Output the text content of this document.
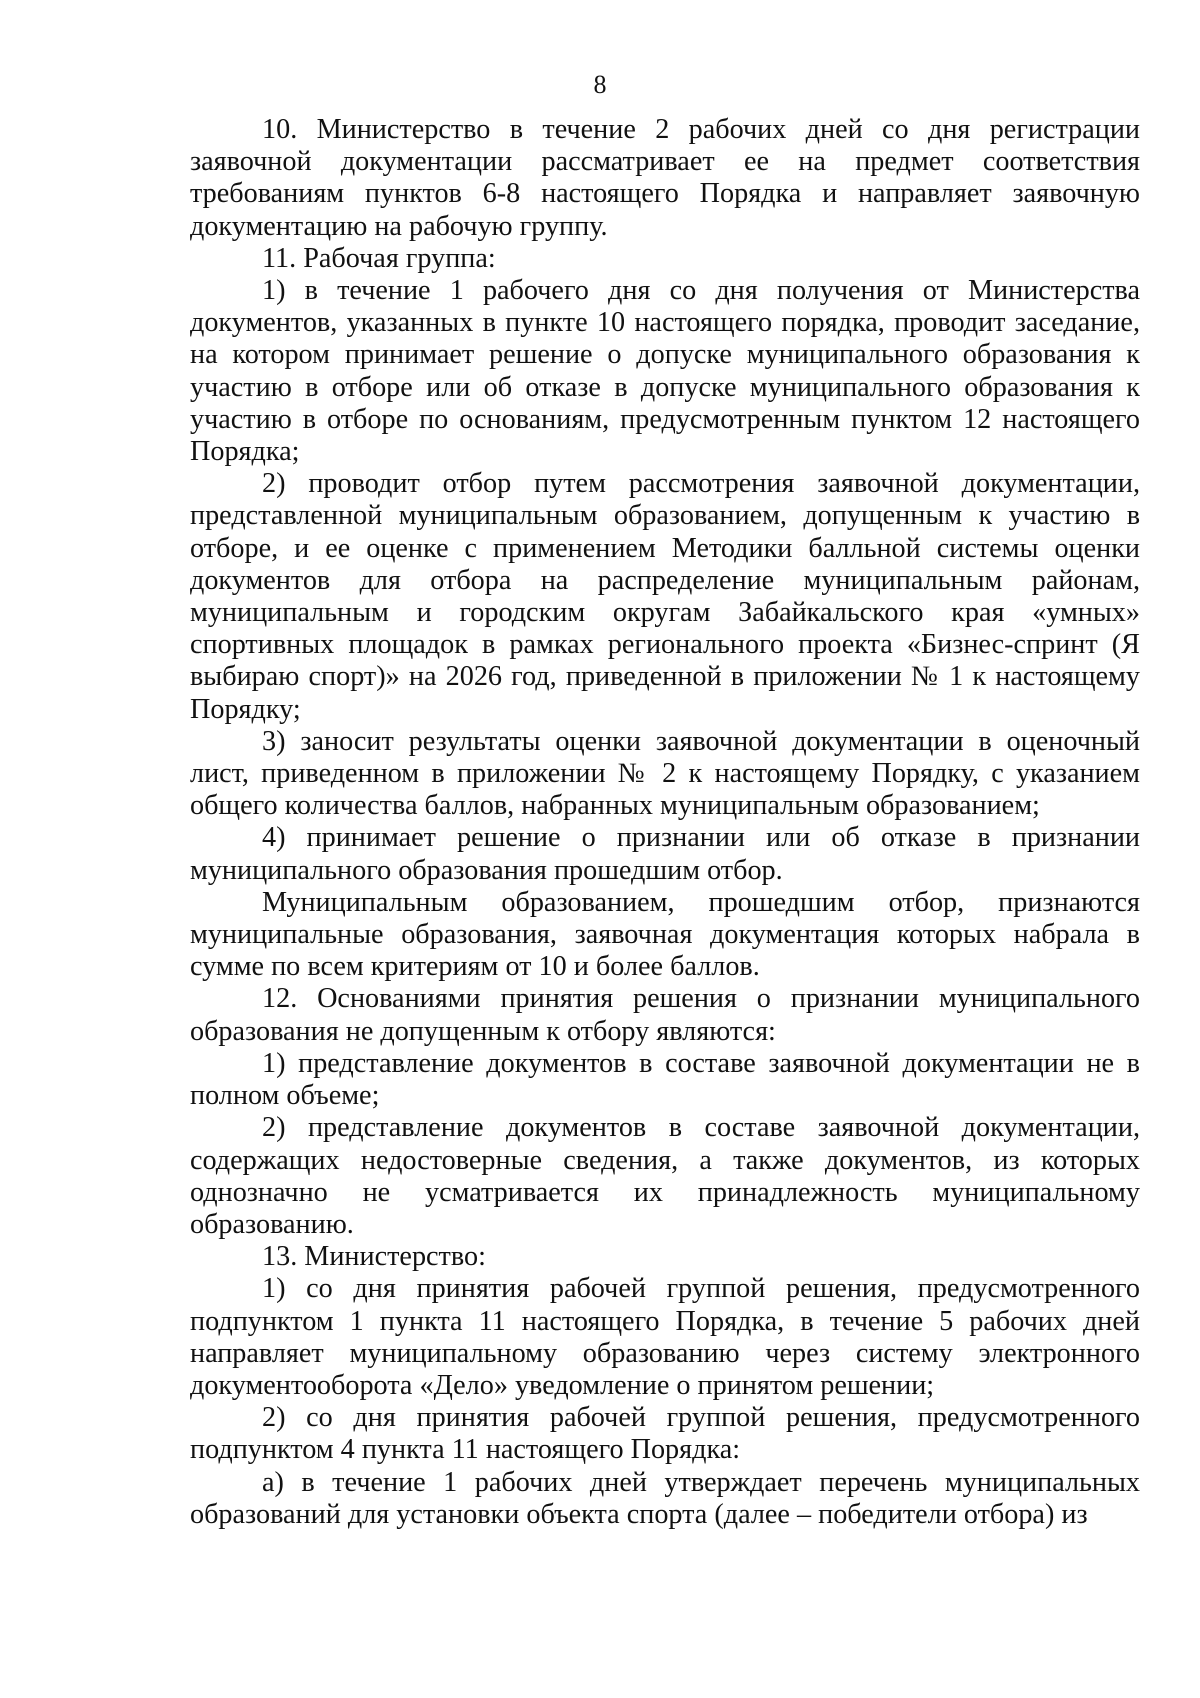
8

10. Министерство в течение 2 рабочих дней со дня регистрации заявочной документации рассматривает ее на предмет соответствия требованиям пунктов 6-8 настоящего Порядка и направляет заявочную документацию на рабочую группу.

11. Рабочая группа:

1) в течение 1 рабочего дня со дня получения от Министерства документов, указанных в пункте 10 настоящего порядка, проводит заседание, на котором принимает решение о допуске муниципального образования к участию в отборе или об отказе в допуске муниципального образования к участию в отборе по основаниям, предусмотренным пунктом 12 настоящего Порядка;

2) проводит отбор путем рассмотрения заявочной документации, представленной муниципальным образованием, допущенным к участию в отборе, и ее оценке с применением Методики балльной системы оценки документов для отбора на распределение муниципальным районам, муниципальным и городским округам Забайкальского края «умных» спортивных площадок в рамках регионального проекта «Бизнес-спринт (Я выбираю спорт)» на 2026 год, приведенной в приложении № 1 к настоящему Порядку;

3) заносит результаты оценки заявочной документации в оценочный лист, приведенном в приложении № 2 к настоящему Порядку, с указанием общего количества баллов, набранных муниципальным образованием;

4) принимает решение о признании или об отказе в признании муниципального образования прошедшим отбор.

Муниципальным образованием, прошедшим отбор, признаются муниципальные образования, заявочная документация которых набрала в сумме по всем критериям от 10 и более баллов.

12. Основаниями принятия решения о признании муниципального образования не допущенным к отбору являются:

1) представление документов в составе заявочной документации не в полном объеме;

2) представление документов в составе заявочной документации, содержащих недостоверные сведения, а также документов, из которых однозначно не усматривается их принадлежность муниципальному образованию.

13. Министерство:

1) со дня принятия рабочей группой решения, предусмотренного подпунктом 1 пункта 11 настоящего Порядка, в течение 5 рабочих дней направляет муниципальному образованию через систему электронного документооборота «Дело» уведомление о принятом решении;

2) со дня принятия рабочей группой решения, предусмотренного подпунктом 4 пункта 11 настоящего Порядка:

а) в течение 1 рабочих дней утверждает перечень муниципальных образований для установки объекта спорта (далее – победители отбора) из
